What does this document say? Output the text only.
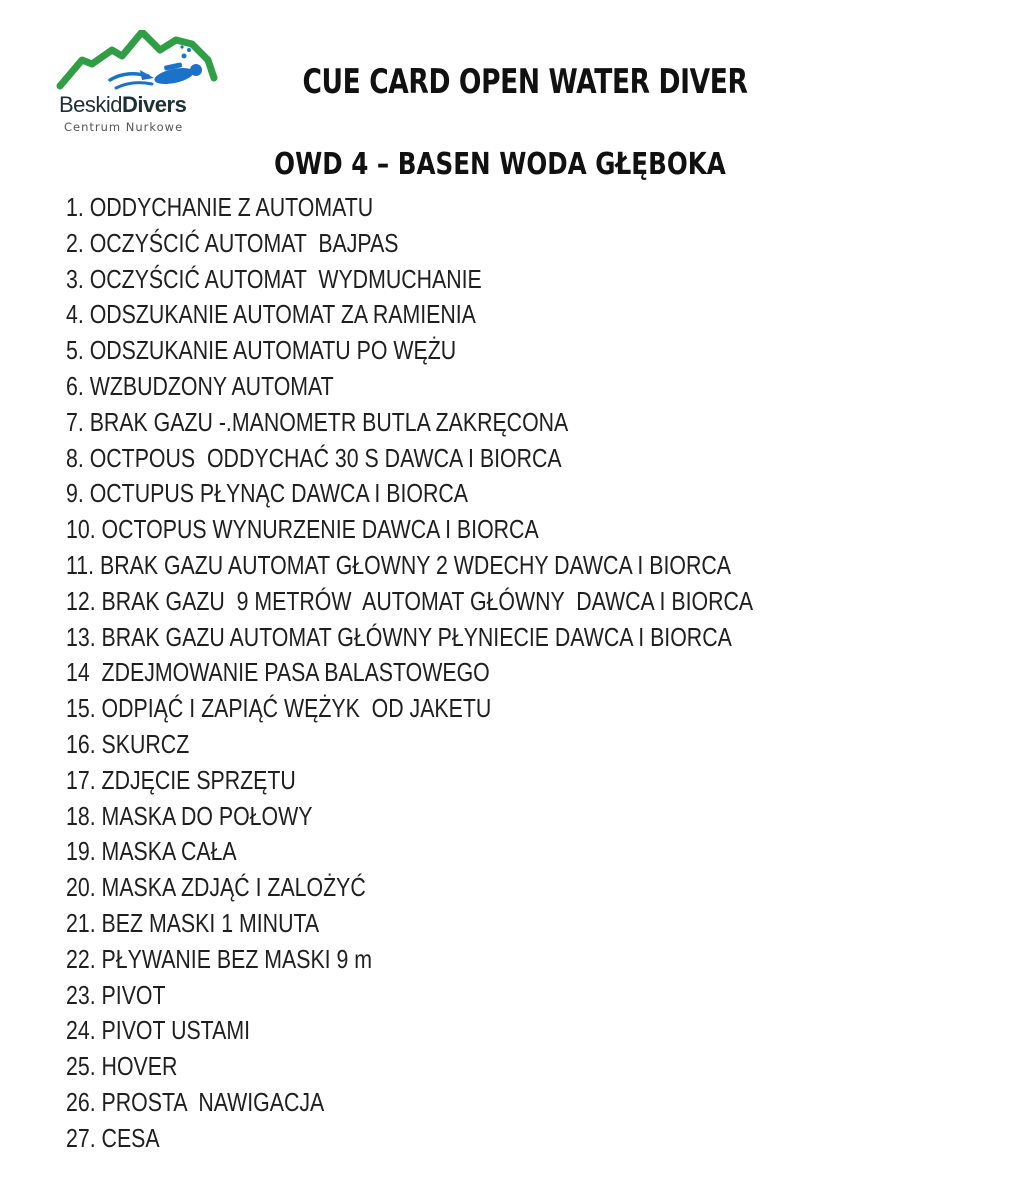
BeskidDivers
Centrum Nurkowe
CUE CARD OPEN WATER DIVER
OWD 4 – BASEN WODA GŁĘBOKA
1. ODDYCHANIE Z AUTOMATU
2. OCZYŚCIĆ AUTOMAT  BAJPAS
3. OCZYŚCIĆ AUTOMAT  WYDMUCHANIE
4. ODSZUKANIE AUTOMAT ZA RAMIENIA
5. ODSZUKANIE AUTOMATU PO WĘŻU
6. WZBUDZONY AUTOMAT
7. BRAK GAZU -.MANOMETR BUTLA ZAKRĘCONA
8. OCTPOUS  ODDYCHAĆ 30 S DAWCA I BIORCA
9. OCTUPUS PŁYNĄC DAWCA I BIORCA
10. OCTOPUS WYNURZENIE DAWCA I BIORCA
11. BRAK GAZU AUTOMAT GŁOWNY 2 WDECHY DAWCA I BIORCA
12. BRAK GAZU  9 METRÓW  AUTOMAT GŁÓWNY  DAWCA I BIORCA
13. BRAK GAZU AUTOMAT GŁÓWNY PŁYNIECIE DAWCA I BIORCA
14  ZDEJMOWANIE PASA BALASTOWEGO
15. ODPIĄĆ I ZAPIĄĆ WĘŻYK  OD JAKETU
16. SKURCZ
17. ZDJĘCIE SPRZĘTU
18. MASKA DO POŁOWY
19. MASKA CAŁA
20. MASKA ZDJĄĆ I ZALOŻYĆ
21. BEZ MASKI 1 MINUTA
22. PŁYWANIE BEZ MASKI 9 m
23. PIVOT
24. PIVOT USTAMI
25. HOVER
26. PROSTA  NAWIGACJA
27. CESA
